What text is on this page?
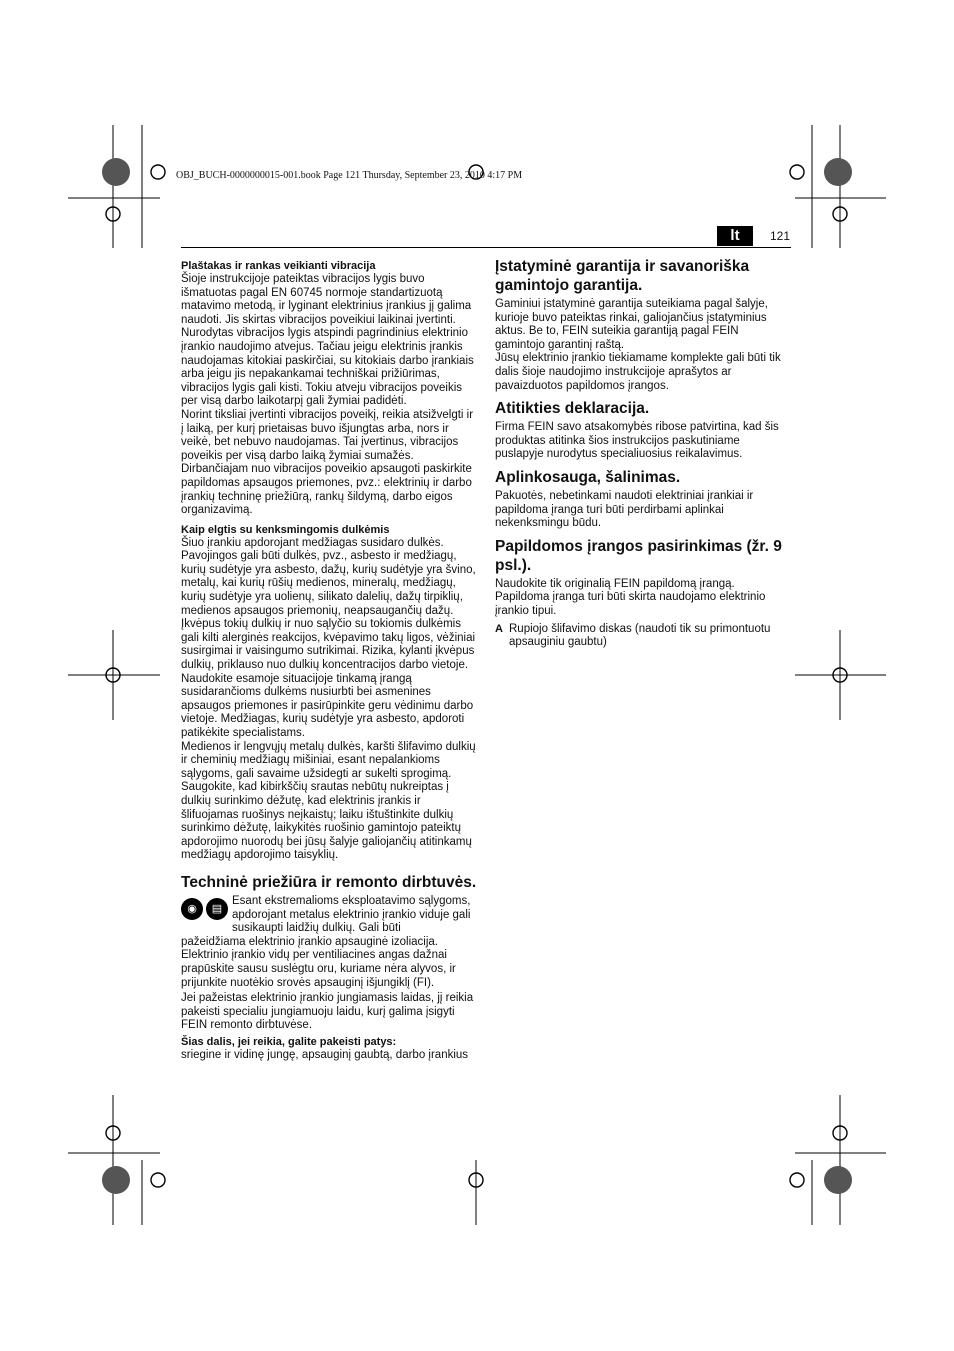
OBJ_BUCH-0000000015-001.book Page 121 Thursday, September 23, 2010 4:17 PM
lt	121

Plaštakas ir rankas veikianti vibracija

Šioje instrukcijoje pateiktas vibracijos lygis buvo išmatuotas pagal EN 60745 normoje standartizuotą matavimo metodą, ir lyginant elektrinius įrankius jį galima naudoti. Jis skirtas vibracijos poveikiui laikinai įvertinti. Nurodytas vibracijos lygis atspindi pagrindinius elektrinio įrankio naudojimo atvejus. Tačiau jeigu elektrinis įrankis naudojamas kitokiai paskirčiai, su kitokiais darbo įrankiais arba jeigu jis nepakankamai techniškai prižiūrimas, vibracijos lygis gali kisti. Tokiu atveju vibracijos poveikis per visą darbo laikotarpį gali žymiai padidėti.

Norint tiksliai įvertinti vibracijos poveikį, reikia atsižvelgti ir į laiką, per kurį prietaisas buvo išjungtas arba, nors ir veikė, bet nebuvo naudojamas. Tai įvertinus, vibracijos poveikis per visą darbo laiką žymiai sumažės.

Dirbančiajam nuo vibracijos poveikio apsaugoti paskirkite papildomas apsaugos priemones, pvz.: elektrinių ir darbo įrankių techninę priežiūrą, rankų šildymą, darbo eigos organizavimą.

Kaip elgtis su kenksmingomis dulkėmis

Šiuo įrankiu apdorojant medžiagas susidaro dulkės. Pavojingos gali būti dulkės, pvz., asbesto ir medžiagų, kurių sudėtyje yra asbesto, dažų, kurių sudėtyje yra švino, metalų, kai kurių rūšių medienos, mineralų, medžiagų, kurių sudėtyje yra uolienų, silikato dalelių, dažų tirpiklių, medienos apsaugos priemonių, neapsaugančių dažų.

Įkvėpus tokių dulkių ir nuo sąlyčio su tokiomis dulkėmis gali kilti alerginės reakcijos, kvėpavimo takų ligos, vėžiniai susirgimai ir vaisingumo sutrikimai. Rizika, kylanti įkvėpus dulkių, priklauso nuo dulkių koncentracijos darbo vietoje. Naudokite esamoje situacijoje tinkamą įrangą susidarančioms dulkėms nusiurbti bei asmenines apsaugos priemones ir pasirūpinkite geru vėdinimu darbo vietoje. Medžiagas, kurių sudėtyje yra asbesto, apdoroti patikėkite specialistams.

Medienos ir lengvųjų metalų dulkės, karšti šlifavimo dulkių ir cheminių medžiagų mišiniai, esant nepalankioms sąlygoms, gali savaime užsidegti ar sukelti sprogimą. Saugokite, kad kibirkščių srautas nebūtų nukreiptas į dulkių surinkimo dėžutę, kad elektrinis įrankis ir šlifuojamas ruošinys neįkaistų; laiku ištuštinkite dulkių surinkimo dėžutę, laikykitės ruošinio gamintojo pateiktų apdorojimo nuorodų bei jūsų šalyje galiojančių atitinkamų medžiagų apdorojimo taisyklių.

Techninė priežiūra ir remonto dirbtuvės.

◉	▤

Esant ekstremalioms eksploatavimo sąlygoms, apdorojant metalus elektrinio įrankio viduje gali susikaupti laidžių dulkių. Gali būti

pažeidžiama elektrinio įrankio apsauginė izoliacija. Elektrinio įrankio vidų per ventiliacines angas dažnai prapūskite sausu suslėgtu oru, kuriame nėra alyvos, ir prijunkite nuotėkio srovės apsauginį išjungiklį (FI).

Jei pažeistas elektrinio įrankio jungiamasis laidas, jį reikia pakeisti specialiu jungiamuoju laidu, kurį galima įsigyti FEIN remonto dirbtuvėse.

Šias dalis, jei reikia, galite pakeisti patys:

sriegine ir vidinę jungę, apsauginį gaubtą, darbo įrankius

Įstatyminė garantija ir savanoriška gamintojo garantija.

Gaminiui įstatyminė garantija suteikiama pagal šalyje, kurioje buvo pateiktas rinkai, galiojančius įstatyminius aktus. Be to, FEIN suteikia garantiją pagal FEIN gamintojo garantinį raštą.

Jūsų elektrinio įrankio tiekiamame komplekte gali būti tik dalis šioje naudojimo instrukcijoje aprašytos ar pavaizduotos papildomos įrangos.

Atitikties deklaracija.

Firma FEIN savo atsakomybės ribose patvirtina, kad šis produktas atitinka šios instrukcijos paskutiniame puslapyje nurodytus specialiuosius reikalavimus.

Aplinkosauga, šalinimas.

Pakuotės, nebetinkami naudoti elektriniai įrankiai ir papildoma įranga turi būti perdirbami aplinkai nekenksmingu būdu.

Papildomos įrangos pasirinkimas (žr. 9 psl.).

Naudokite tik originalią FEIN papildomą įrangą. Papildoma įranga turi būti skirta naudojamo elektrinio įrankio tipui.

A Rupiojo šlifavimo diskas (naudoti tik su primontuotu apsauginiu gaubtu)
